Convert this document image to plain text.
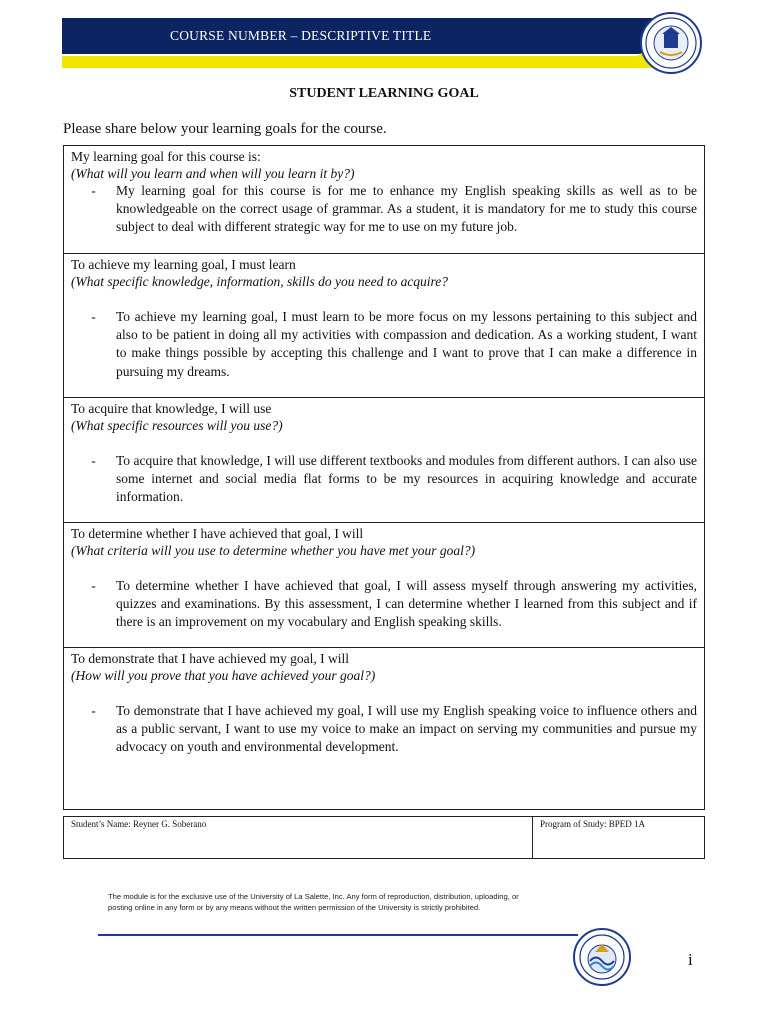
COURSE NUMBER – DESCRIPTIVE TITLE
STUDENT LEARNING GOAL
Please share below your learning goals for the course.
My learning goal for this course is:
(What will you learn and when will you learn it by?)
-	My learning goal for this course is for me to enhance my English speaking skills as well as to be knowledgeable on the correct usage of grammar. As a student, it is mandatory for me to study this course subject to deal with different strategic way for me to use on my future job.
To achieve my learning goal, I must learn
(What specific knowledge, information, skills do you need to acquire?
-	To achieve my learning goal, I must learn to be more focus on my lessons pertaining to this subject and also to be patient in doing all my activities with compassion and dedication. As a working student, I want to make things possible by accepting this challenge and I want to prove that I can make a difference in pursuing my dreams.
To acquire that knowledge, I will use
(What specific resources will you use?)
-	To acquire that knowledge, I will use different textbooks and modules from different authors. I can also use some internet and social media flat forms to be my resources in acquiring knowledge and accurate information.
To determine whether I have achieved that goal, I will
(What criteria will you use to determine whether you have met your goal?)
-	To determine whether I have achieved that goal, I will assess myself through answering my activities, quizzes and examinations. By this assessment, I can determine whether I learned from this subject and if there is an improvement on my vocabulary and English speaking skills.
To demonstrate that I have achieved my goal, I will
(How will you prove that you have achieved your goal?)
-	To demonstrate that I have achieved my goal, I will use my English speaking voice to influence others and as a public servant, I want to use my voice to make an impact on serving my communities and pursue my advocacy on youth and environmental development.
Student’s Name: Reyner G. Soberano	Program of Study: BPED 1A
The module is for the exclusive use of the University of La Salette, Inc. Any form of reproduction, distribution, uploading, or
posting online in any form or by any means without the written permission of the University is strictly prohibited.
i
